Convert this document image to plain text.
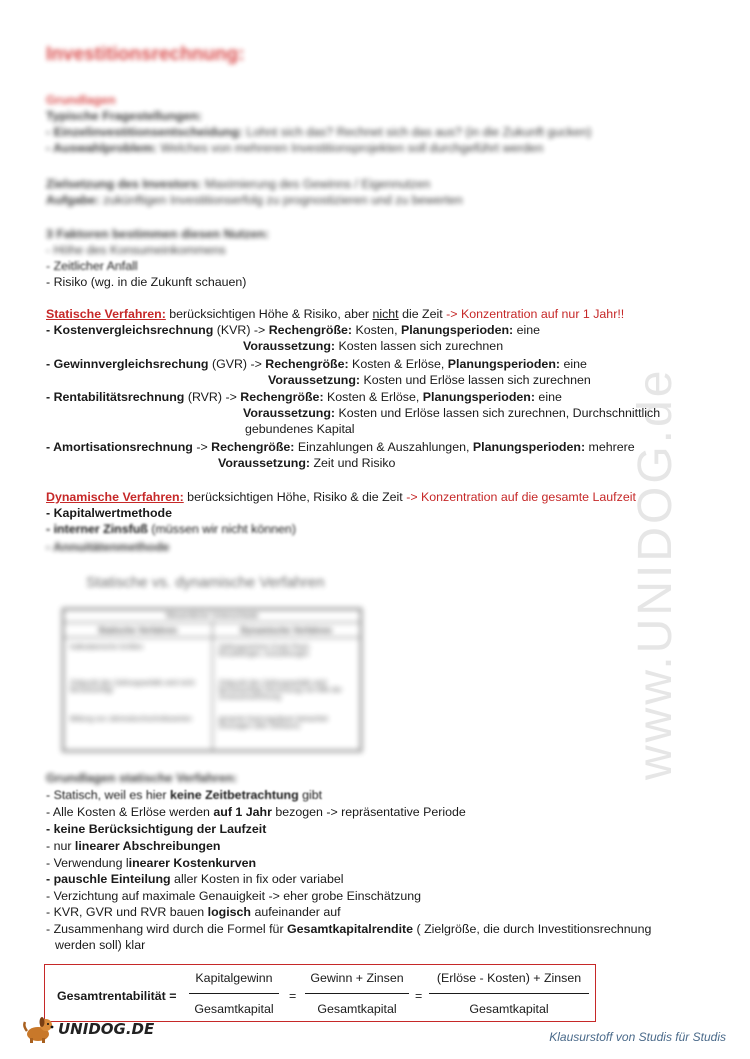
www.UNIDOG.de
Investitionsrechnung:
Grundlagen
Typische Fragestellungen:
- Einzelinvestitionsentscheidung: Lohnt sich das? Rechnet sich das aus? (in die Zukunft gucken)
- Auswahlproblem: Welches von mehreren Investitionsprojekten soll durchgeführt werden
Zielsetzung des Investors: Maximierung des Gewinns / Eigennutzen
Aufgabe: zukünftigen Investitionserfolg zu prognostizieren und zu bewerten
3 Faktoren bestimmen diesen Nutzen:
- Höhe des Konsumeinkommens
- Zeitlicher Anfall
- Risiko (wg. in die Zukunft schauen)
Statische Verfahren: berücksichtigen Höhe & Risiko, aber nicht die Zeit -> Konzentration auf nur 1 Jahr!!
- Kostenvergleichsrechnung (KVR) -> Rechengröße: Kosten, Planungsperioden: eine
Voraussetzung: Kosten lassen sich zurechnen
- Gewinnvergleichsrechung (GVR) -> Rechengröße: Kosten & Erlöse, Planungsperioden: eine
Voraussetzung: Kosten und Erlöse lassen sich zurechnen
- Rentabilitätsrechnung (RVR) -> Rechengröße: Kosten & Erlöse, Planungsperioden: eine
Voraussetzung: Kosten und Erlöse lassen sich zurechnen, Durchschnittlich
gebundenes Kapital
- Amortisationsrechnung -> Rechengröße: Einzahlungen & Auszahlungen, Planungsperioden: mehrere
Voraussetzung: Zeit und Risiko
Dynamische Verfahren: berücksichtigen Höhe, Risiko & die Zeit -> Konzentration auf die gesamte Laufzeit
- Kapitalwertmethode
- interner Zinsfuß (müssen wir nicht können)
- Annuitätenmethode
Statische vs. dynamische Verfahren
Wesentliche Unterschiede
Statische Verfahren
Kalkulatorische Größen
Zeitpunkt des Zahlungsanfalls wird nicht berücksichtigt
Bildung von Jahresdurchschnittswerten
Dynamische Verfahren
Zahlungsströme (Cash Flow): Einzahlungen, Auszahlungen
Zeitpunkt des Zahlungsanfalls wird berücksichtigt (Verzinsung) mit Hilfe der Zinseszinsrechnung
gesamte Nutzungsdauer betrachtet (Aussagen über Zeitraum)
Grundlagen statische Verfahren:
- Statisch, weil es hier keine Zeitbetrachtung gibt
- Alle Kosten & Erlöse werden auf 1 Jahr bezogen -> repräsentative Periode
- keine Berücksichtigung der Laufzeit
- nur linearer Abschreibungen
- Verwendung linearer Kostenkurven
- pauschle Einteilung aller Kosten in fix oder variabel
- Verzichtung auf maximale Genauigkeit -> eher grobe Einschätzung
- KVR, GVR und RVR bauen logisch aufeinander auf
- Zusammenhang wird durch die Formel für Gesamtkapitalrendite ( Zielgröße, die durch Investitionsrechnung
werden soll) klar
Gesamtrentabilität =
Kapitalgewinn
Gesamtkapital
=
Gewinn + Zinsen
Gesamtkapital
=
(Erlöse - Kosten) + Zinsen
Gesamtkapital
UNIDOG.DE	Klausurstoff von Studis für Studis
